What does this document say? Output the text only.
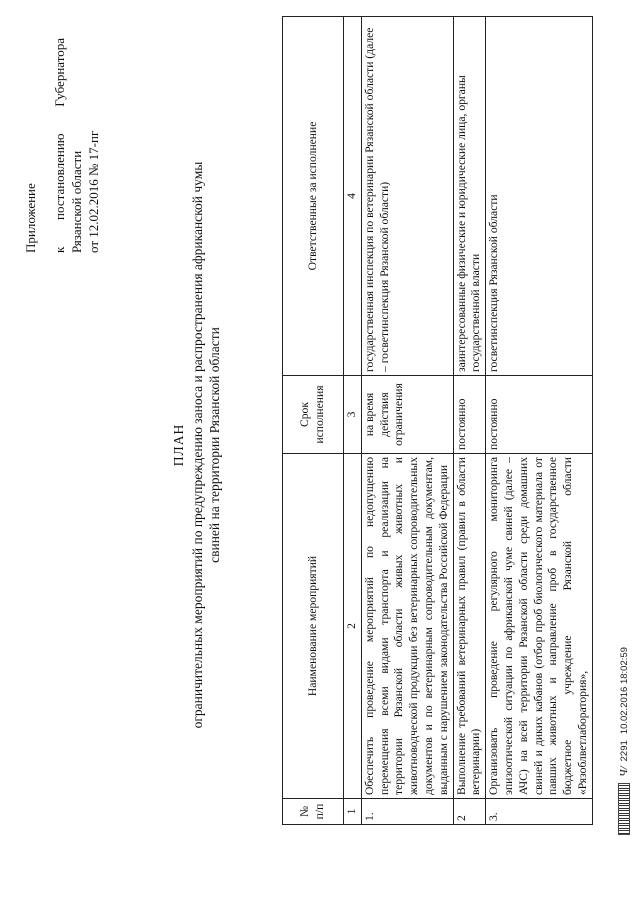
Приложение к постановлению Губернатора Рязанской области от 12.02.2016 № 17-пг
ПЛАН ограничительных мероприятий по предупреждению заноса и распространения африканской чумы свиней на территории Рязанской области
№ п/п	Наименование мероприятий	Срок исполнения	Ответственные за исполнение
1	2	3	4
1.	Обеспечить проведение мероприятий по недопущению перемещения всеми видами транспорта и реализации на территории Рязанской области живых животных и животноводческой продукции без ветеринарных сопроводительных документов и по ветеринарным сопроводительным документам, выданным с нарушением законодательства Российской Федерации	на время действия ограничения	государственная инспекция по ветеринарии Рязанской области (далее – госветинспекция Рязанской области)
2	Выполнение требований ветеринарных правил (правил в области ветеринарии)	постоянно	заинтересованные физические и юридические лица, органы государственной власти
3.	Организовать проведение регулярного мониторинга эпизоотической ситуации по африканской чуме свиней (далее – АЧС) на всей территории Рязанской области среди домашних свиней и диких кабанов (отбор проб биологического материала от павших животных и направление проб в государственное бюджетное учреждение Рязанской области «Рязоблветлаборатория»,	постоянно	госветинспекция Рязанской области
Ч/
2291
10.02.2016 18:02:59
